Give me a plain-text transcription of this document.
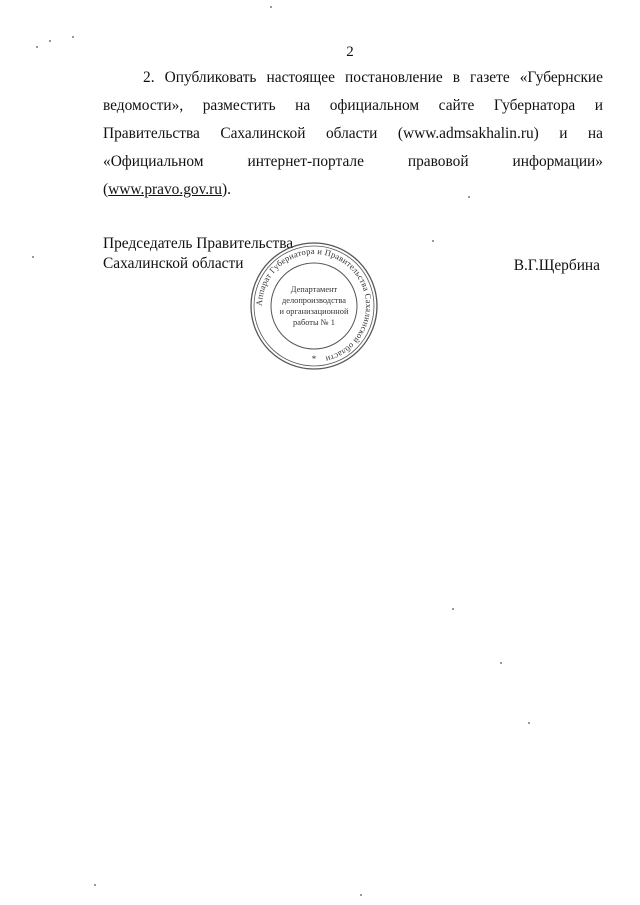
2

2. Опубликовать настоящее постановление в газете «Губернские ведомости», разместить на официальном сайте Губернатора и Правительства Сахалинской области (www.admsakhalin.ru) и на «Официальном интернет-портале правовой информации» (www.pravo.gov.ru).

Председатель Правительства
Сахалинской области	В.Г.Щербина
Аппарат Губернатора и Правительства Сахалинской области
Департамент
делопроизводства
и организационной
работы № 1
*
